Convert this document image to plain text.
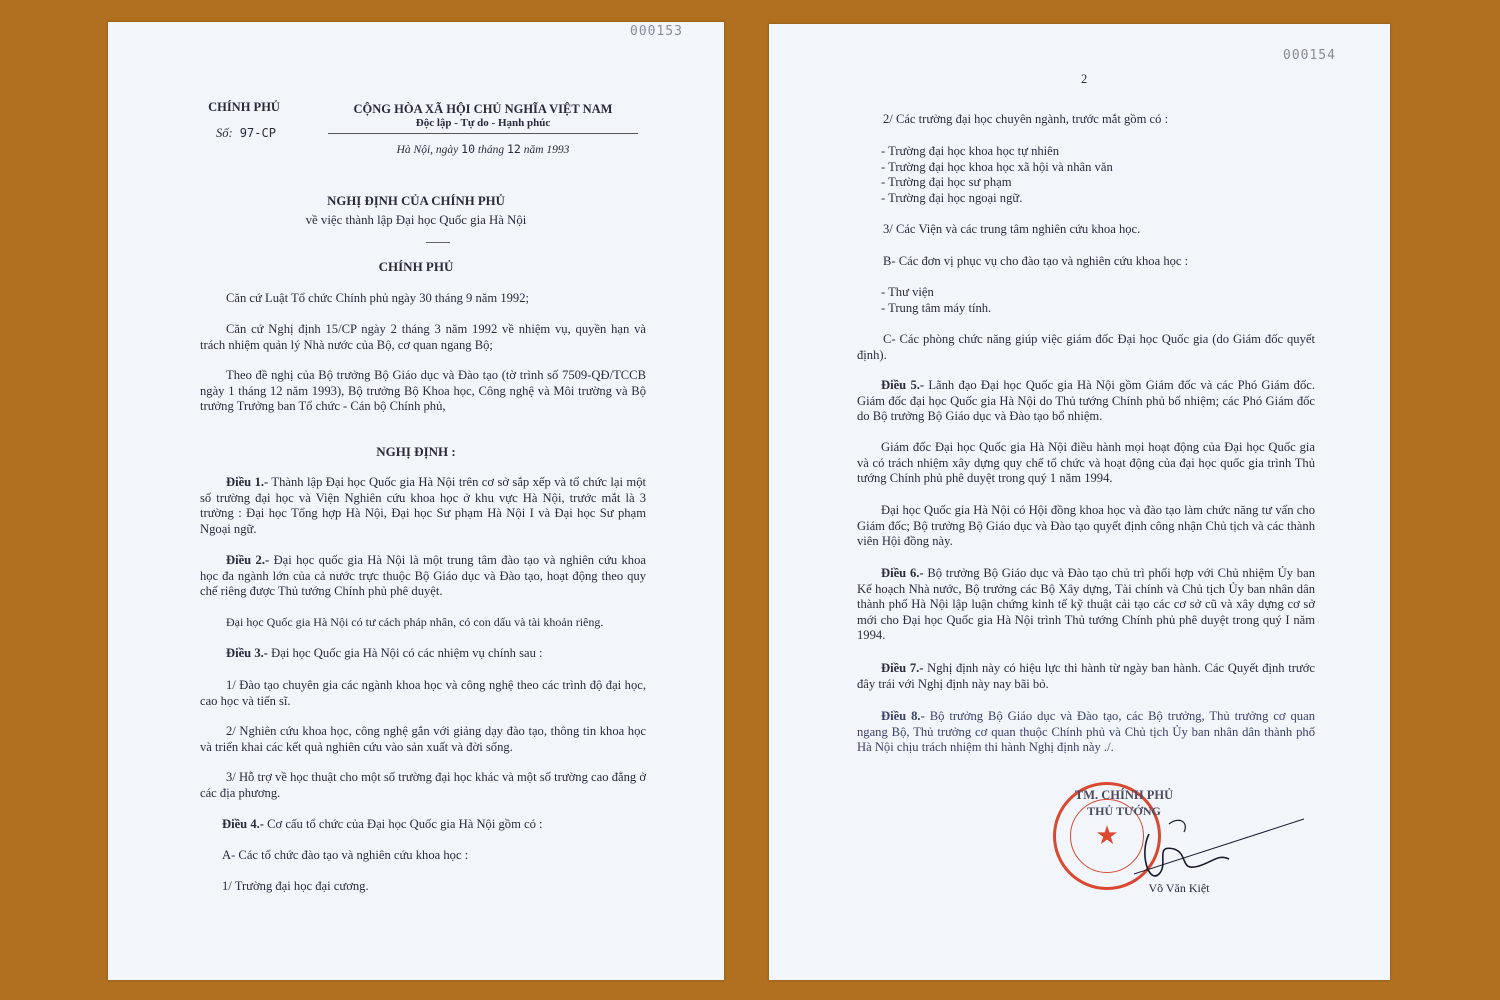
000153
CHÍNH PHỦ
Số: 97-CP
CỘNG HÒA XÃ HỘI CHỦ NGHĨA VIỆT NAM
Độc lập - Tự do - Hạnh phúc
Hà Nội, ngày 10 tháng 12 năm 1993
NGHỊ ĐỊNH CỦA CHÍNH PHỦ
về việc thành lập Đại học Quốc gia Hà Nội
CHÍNH PHỦ
Căn cứ Luật Tổ chức Chính phủ ngày 30 tháng 9 năm 1992;
Căn cứ Nghị định 15/CP ngày 2 tháng 3 năm 1992 về nhiệm vụ, quyền hạn và trách nhiệm quản lý Nhà nước của Bộ, cơ quan ngang Bộ;
Theo đề nghị của Bộ trưởng Bộ Giáo dục và Đào tạo (tờ trình số 7509-QĐ/TCCB ngày 1 tháng 12 năm 1993), Bộ trưởng Bộ Khoa học, Công nghệ và Môi trường và Bộ trưởng Trưởng ban Tổ chức - Cán bộ Chính phủ,
NGHỊ ĐỊNH :
Điều 1.- Thành lập Đại học Quốc gia Hà Nội trên cơ sở sắp xếp và tổ chức lại một số trường đại học và Viện Nghiên cứu khoa học ở khu vực Hà Nội, trước mắt là 3 trường : Đại học Tổng hợp Hà Nội, Đại học Sư phạm Hà Nội I và Đại học Sư phạm Ngoại ngữ.
Điều 2.- Đại học quốc gia Hà Nội là một trung tâm đào tạo và nghiên cứu khoa học đa ngành lớn của cả nước trực thuộc Bộ Giáo dục và Đào tạo, hoạt động theo quy chế riêng được Thủ tướng Chính phủ phê duyệt.
Đại học Quốc gia Hà Nội có tư cách pháp nhân, có con dấu và tài khoản riêng.
Điều 3.- Đại học Quốc gia Hà Nội có các nhiệm vụ chính sau :
1/ Đào tạo chuyên gia các ngành khoa học và công nghệ theo các trình độ đại học, cao học và tiến sĩ.
2/ Nghiên cứu khoa học, công nghệ gắn với giảng dạy đào tạo, thông tin khoa học và triển khai các kết quả nghiên cứu vào sản xuất và đời sống.
3/ Hỗ trợ về học thuật cho một số trường đại học khác và một số trường cao đẳng ở các địa phương.
Điều 4.- Cơ cấu tổ chức của Đại học Quốc gia Hà Nội gồm có :
A- Các tổ chức đào tạo và nghiên cứu khoa học :
1/ Trường đại học đại cương.
000154
2
2/ Các trường đại học chuyên ngành, trước mắt gồm có :
- Trường đại học khoa học tự nhiên
- Trường đại học khoa học xã hội và nhân văn
- Trường đại học sư phạm
- Trường đại học ngoại ngữ.
3/ Các Viện và các trung tâm nghiên cứu khoa học.
B- Các đơn vị phục vụ cho đào tạo và nghiên cứu khoa học :
- Thư viện
- Trung tâm máy tính.
C- Các phòng chức năng giúp việc giám đốc Đại học Quốc gia (do Giám đốc quyết định).
Điều 5.- Lãnh đạo Đại học Quốc gia Hà Nội gồm Giám đốc và các Phó Giám đốc. Giám đốc đại học Quốc gia Hà Nội do Thủ tướng Chính phủ bổ nhiệm; các Phó Giám đốc do Bộ trưởng Bộ Giáo dục và Đào tạo bổ nhiệm.
Giám đốc Đại học Quốc gia Hà Nội điều hành mọi hoạt động của Đại học Quốc gia và có trách nhiệm xây dựng quy chế tổ chức và hoạt động của đại học quốc gia trình Thủ tướng Chính phủ phê duyệt trong quý 1 năm 1994.
Đại học Quốc gia Hà Nội có Hội đồng khoa học và đào tạo làm chức năng tư vấn cho Giám đốc; Bộ trưởng Bộ Giáo dục và Đào tạo quyết định công nhận Chủ tịch và các thành viên Hội đồng này.
Điều 6.- Bộ trưởng Bộ Giáo dục và Đào tạo chủ trì phối hợp với Chủ nhiệm Ủy ban Kế hoạch Nhà nước, Bộ trưởng các Bộ Xây dựng, Tài chính và Chủ tịch Ủy ban nhân dân thành phố Hà Nội lập luận chứng kinh tế kỹ thuật cải tạo các cơ sở cũ và xây dựng cơ sở mới cho Đại học Quốc gia Hà Nội trình Thủ tướng Chính phủ phê duyệt trong quý I năm 1994.
Điều 7.- Nghị định này có hiệu lực thi hành từ ngày ban hành. Các Quyết định trước đây trái với Nghị định này nay bãi bỏ.
Điều 8.- Bộ trưởng Bộ Giáo dục và Đào tạo, các Bộ trưởng, Thủ trưởng cơ quan ngang Bộ, Thủ trưởng cơ quan thuộc Chính phủ và Chủ tịch Ủy ban nhân dân thành phố Hà Nội chịu trách nhiệm thi hành Nghị định này ./.
★
TM. CHÍNH PHỦ
THỦ TƯỚNG
Võ Văn Kiệt
